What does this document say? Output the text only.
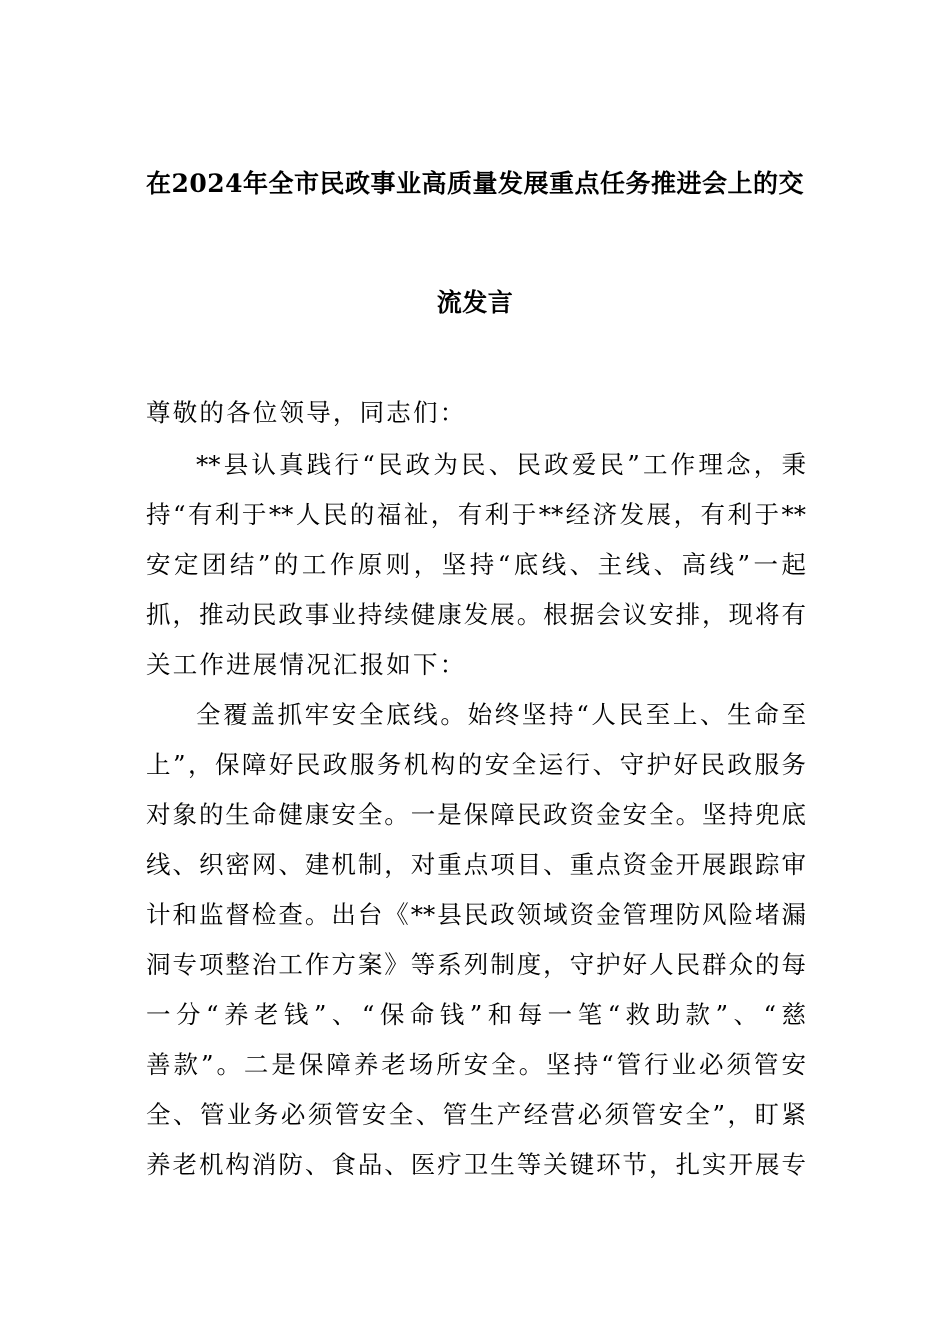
在2024年全市民政事业高质量发展重点任务推进会上的交
流发言
尊敬的各位领导，同志们：
**县认真践行“民政为民、民政爱民”工作理念，秉
持“有利于**人民的福祉，有利于**经济发展，有利于**
安定团结”的工作原则，坚持“底线、主线、高线”一起
抓，推动民政事业持续健康发展。根据会议安排，现将有
关工作进展情况汇报如下：
全覆盖抓牢安全底线。始终坚持“人民至上、生命至
上”，保障好民政服务机构的安全运行、守护好民政服务
对象的生命健康安全。一是保障民政资金安全。坚持兜底
线、织密网、建机制，对重点项目、重点资金开展跟踪审
计和监督检查。出台《**县民政领域资金管理防风险堵漏
洞专项整治工作方案》等系列制度，守护好人民群众的每
一分“养老钱”、“保命钱”和每一笔“救助款”、“慈
善款”。二是保障养老场所安全。坚持“管行业必须管安
全、管业务必须管安全、管生产经营必须管安全”，盯紧
养老机构消防、食品、医疗卫生等关键环节，扎实开展专
